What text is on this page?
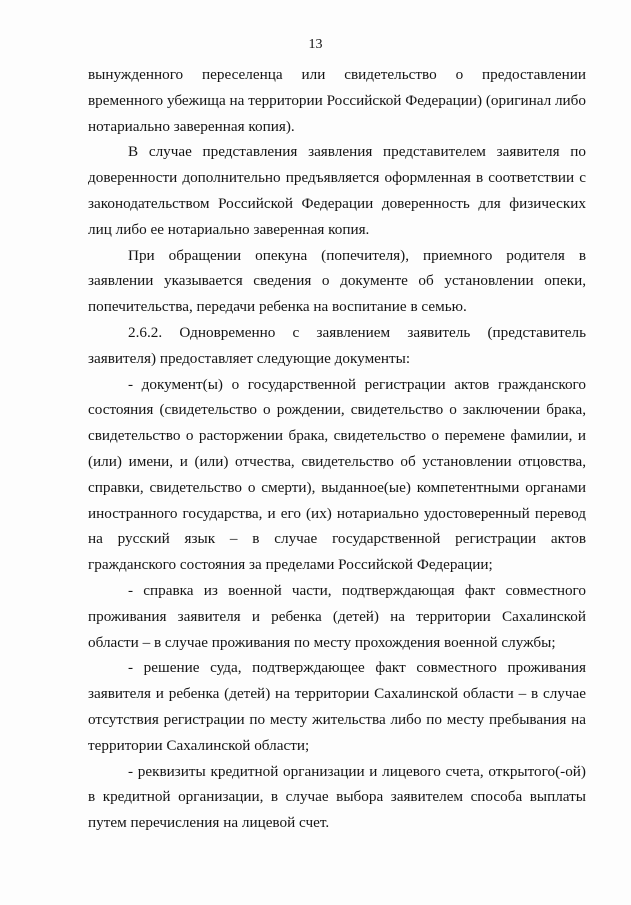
13

вынужденного переселенца или свидетельство о предоставлении временного убежища на территории Российской Федерации) (оригинал либо нотариально заверенная копия).

В случае представления заявления представителем заявителя по доверенности дополнительно предъявляется оформленная в соответствии с законодательством Российской Федерации доверенность для физических лиц либо ее нотариально заверенная копия.

При обращении опекуна (попечителя), приемного родителя в заявлении указывается сведения о документе об установлении опеки, попечительства, передачи ребенка на воспитание в семью.

2.6.2. Одновременно с заявлением заявитель (представитель заявителя) предоставляет следующие документы:

- документ(ы) о государственной регистрации актов гражданского состояния (свидетельство о рождении, свидетельство о заключении брака, свидетельство о расторжении брака, свидетельство о перемене фамилии, и (или) имени, и (или) отчества, свидетельство об установлении отцовства, справки, свидетельство о смерти), выданное(ые) компетентными органами иностранного государства, и его (их) нотариально удостоверенный перевод на русский язык – в случае государственной регистрации актов гражданского состояния за пределами Российской Федерации;

- справка из военной части, подтверждающая факт совместного проживания заявителя и ребенка (детей) на территории Сахалинской области – в случае проживания по месту прохождения военной службы;

- решение суда, подтверждающее факт совместного проживания заявителя и ребенка (детей) на территории Сахалинской области – в случае отсутствия регистрации по месту жительства либо по месту пребывания на территории Сахалинской области;

- реквизиты кредитной организации и лицевого счета, открытого(-ой) в кредитной организации, в случае выбора заявителем способа выплаты путем перечисления на лицевой счет.
